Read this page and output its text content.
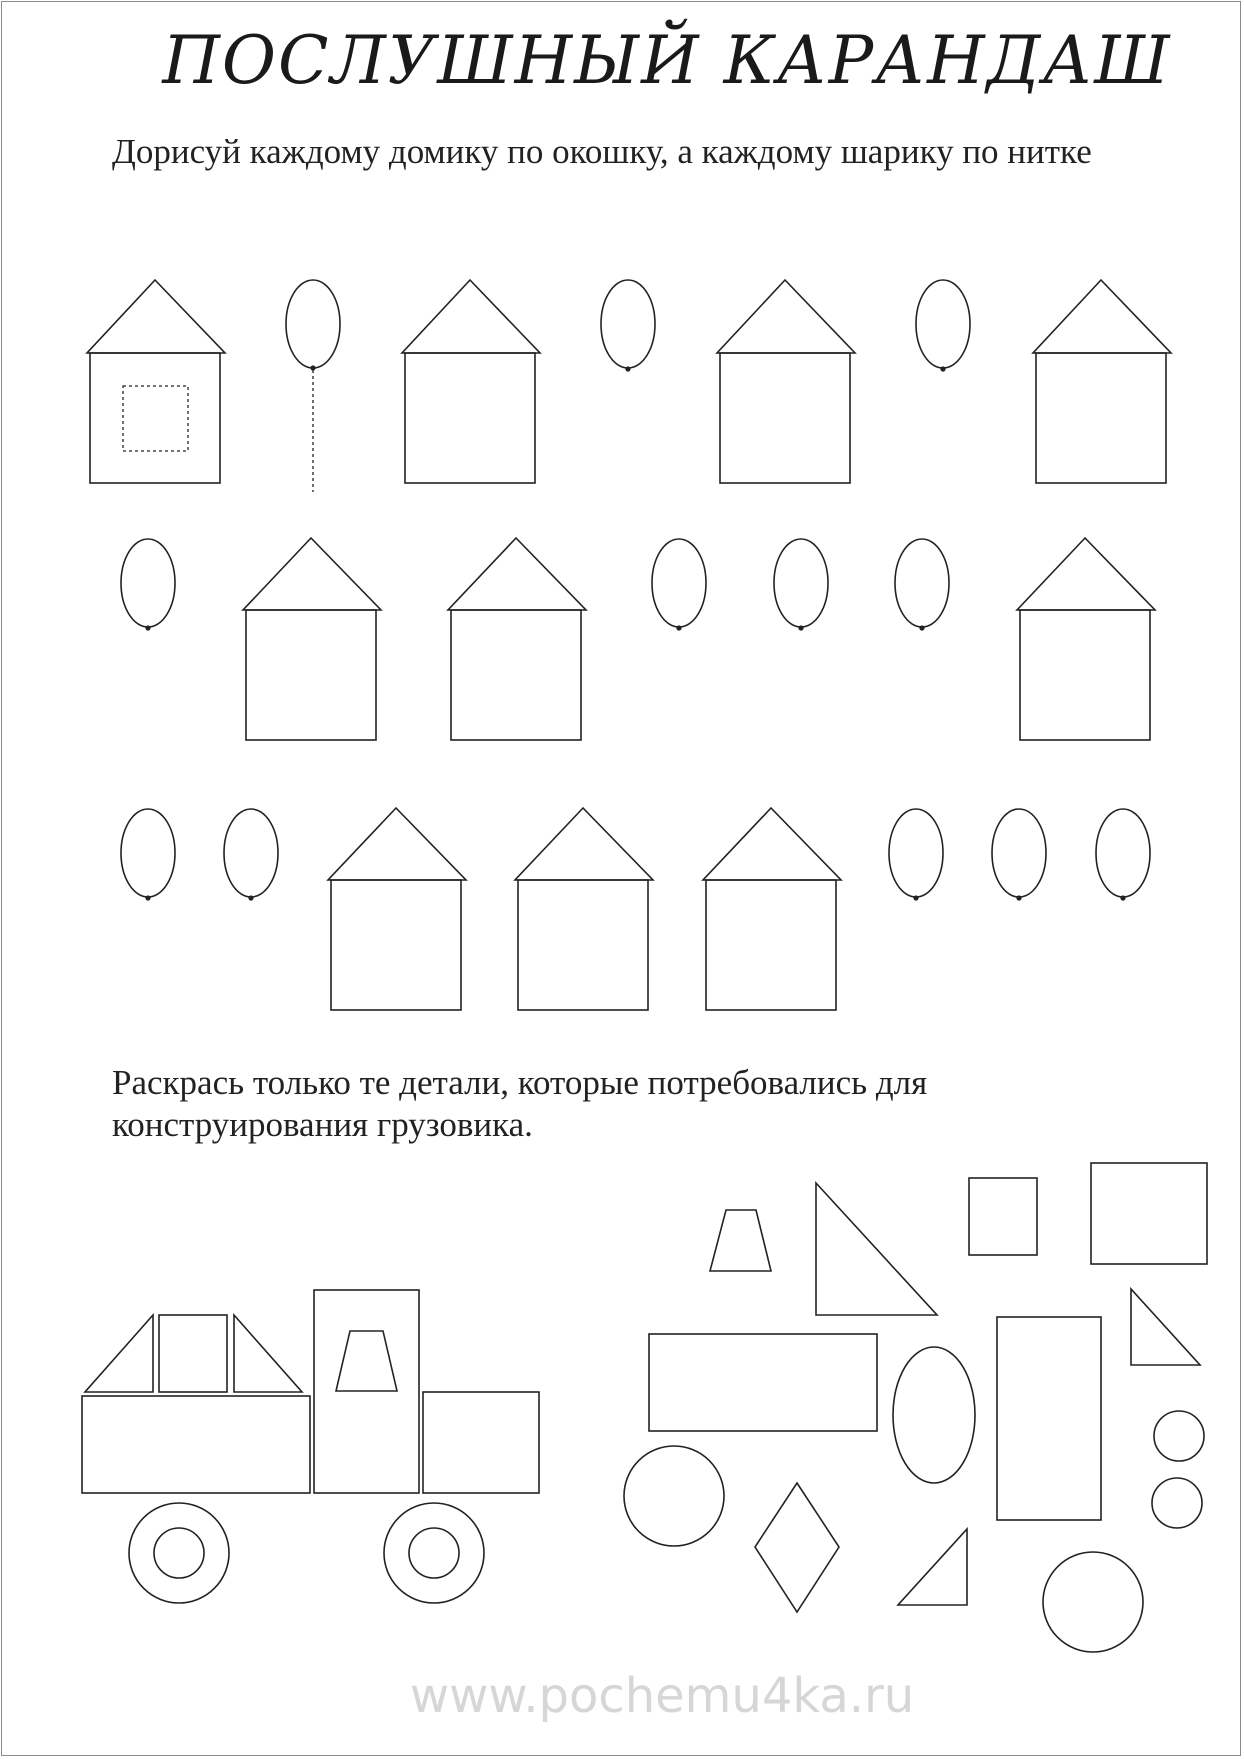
ПОСЛУШНЫЙ КАРАНДАШ
Дорисуй каждому домику по окошку, а каждому шарику по нитке
Раскрась только те детали, которые потребовались для
конструирования грузовика.
www.pochemu4ka.ru
